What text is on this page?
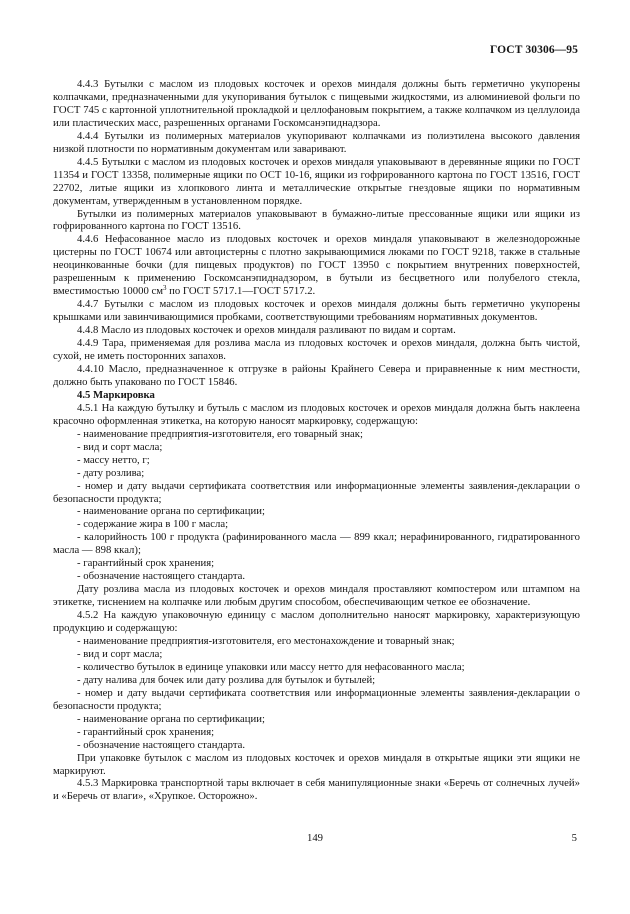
ГОСТ 30306—95

4.4.3 Бутылки с маслом из плодовых косточек и орехов миндаля должны быть герметично укупорены колпачками, предназначенными для укупоривания бутылок с пищевыми жидкостями, из алюминиевой фольги по ГОСТ 745 с картонной уплотнительной прокладкой и целлофановым покрытием, а также колпачком из целлулоида или пластических масс, разрешенных органами Госкомсанэпиднадзора.

4.4.4 Бутылки из полимерных материалов укупоривают колпачками из полиэтилена высокого давления низкой плотности по нормативным документам или заваривают.

4.4.5 Бутылки с маслом из плодовых косточек и орехов миндаля упаковывают в деревянные ящики по ГОСТ 11354 и ГОСТ 13358, полимерные ящики по ОСТ 10-16, ящики из гофрированного картона по ГОСТ 13516, ГОСТ 22702, литые ящики из хлопкового линта и металлические открытые гнездовые ящики по нормативным документам, утвержденным в установленном порядке.

Бутылки из полимерных материалов упаковывают в бумажно-литые прессованные ящики или ящики из гофрированного картона по ГОСТ 13516.

4.4.6 Нефасованное масло из плодовых косточек и орехов миндаля упаковывают в железнодорожные цистерны по ГОСТ 10674 или автоцистерны с плотно закрывающимися люками по ГОСТ 9218, также в стальные неоцинкованные бочки (для пищевых продуктов) по ГОСТ 13950 с покрытием внутренних поверхностей, разрешенным к применению Госкомсанэпиднадзором, в бутыли из бесцветного или полубелого стекла, вместимостью 10000 $см^3$ по ГОСТ 5717.1—ГОСТ 5717.2.

4.4.7 Бутылки с маслом из плодовых косточек и орехов миндаля должны быть герметично укупорены крышками или завинчивающимися пробками, соответствующими требованиям нормативных документов.

4.4.8 Масло из плодовых косточек и орехов миндаля разливают по видам и сортам.

4.4.9 Тара, применяемая для розлива масла из плодовых косточек и орехов миндаля, должна быть чистой, сухой, не иметь посторонних запахов.

4.4.10 Масло, предназначенное к отгрузке в районы Крайнего Севера и приравненные к ним местности, должно быть упаковано по ГОСТ 15846.

4.5 Маркировка

4.5.1 На каждую бутылку и бутыль с маслом из плодовых косточек и орехов миндаля должна быть наклеена красочно оформленная этикетка, на которую наносят маркировку, содержащую:

- наименование предприятия-изготовителя, его товарный знак;

- вид и сорт масла;

- массу нетто, г;

- дату розлива;

- номер и дату выдачи сертификата соответствия или информационные элементы заявления-декларации о безопасности продукта;

- наименование органа по сертификации;

- содержание жира в 100 г масла;

- калорийность 100 г продукта (рафинированного масла — 899 ккал; нерафинированного, гидратированного масла — 898 ккал);

- гарантийный срок хранения;

- обозначение настоящего стандарта.

Дату розлива масла из плодовых косточек и орехов миндаля проставляют компостером или штампом на этикетке, тиснением на колпачке или любым другим способом, обеспечивающим четкое ее обозначение.

4.5.2 На каждую упаковочную единицу с маслом дополнительно наносят маркировку, характеризующую продукцию и содержащую:

- наименование предприятия-изготовителя, его местонахождение и товарный знак;

- вид и сорт масла;

- количество бутылок в единице упаковки или массу нетто для нефасованного масла;

- дату налива для бочек или дату розлива для бутылок и бутылей;

- номер и дату выдачи сертификата соответствия или информационные элементы заявления-декларации о безопасности продукта;

- наименование органа по сертификации;

- гарантийный срок хранения;

- обозначение настоящего стандарта.

При упаковке бутылок с маслом из плодовых косточек и орехов миндаля в открытые ящики эти ящики не маркируют.

4.5.3 Маркировка транспортной тары включает в себя манипуляционные знаки «Беречь от солнечных лучей» и «Беречь от влаги», «Хрупкое. Осторожно».

149	5
